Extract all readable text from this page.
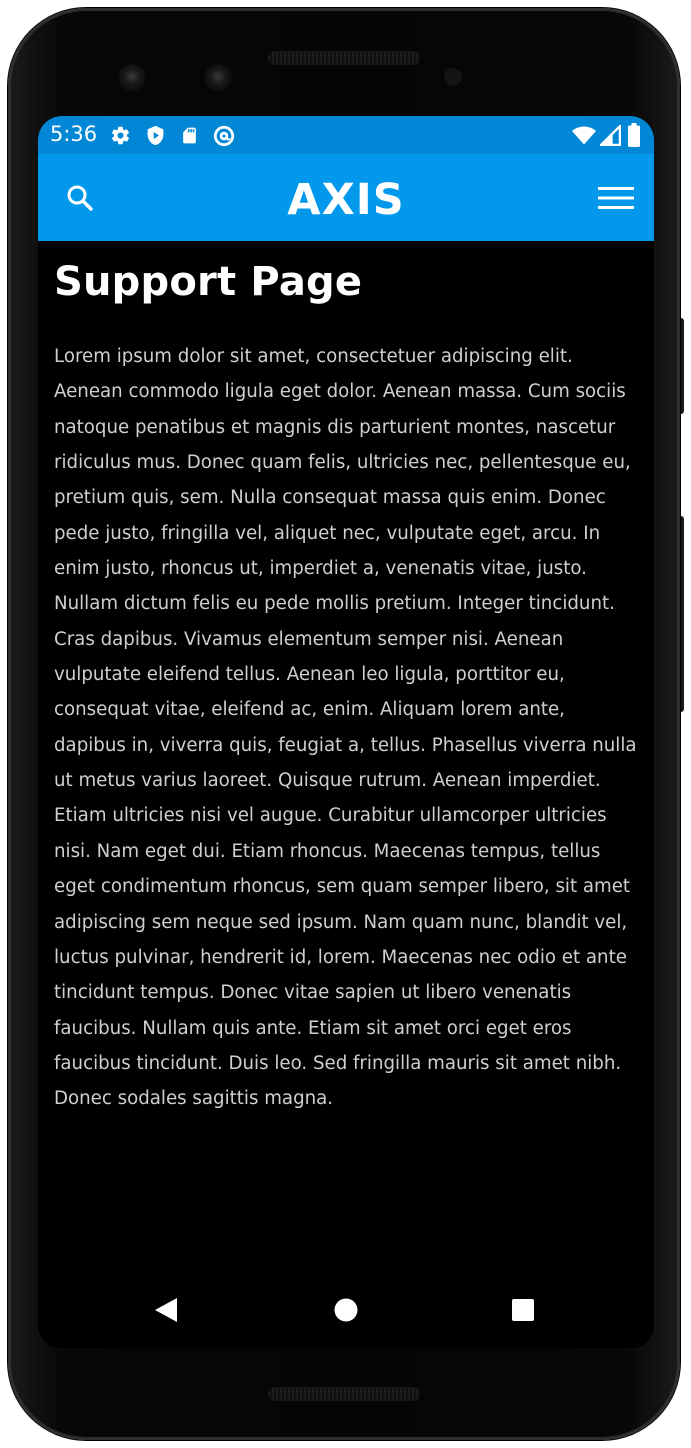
5:36
AXIS
Support Page

Lorem ipsum dolor sit amet, consectetuer adipiscing elit. Aenean commodo ligula eget dolor. Aenean massa. Cum sociis natoque penatibus et magnis dis parturient montes, nascetur ridiculus mus. Donec quam felis, ultricies nec, pellentesque eu, pretium quis, sem. Nulla consequat massa quis enim. Donec pede justo, fringilla vel, aliquet nec, vulputate eget, arcu. In enim justo, rhoncus ut, imperdiet a, venenatis vitae, justo. Nullam dictum felis eu pede mollis pretium. Integer tincidunt. Cras dapibus. Vivamus elementum semper nisi. Aenean vulputate eleifend tellus. Aenean leo ligula, porttitor eu, consequat vitae, eleifend ac, enim. Aliquam lorem ante, dapibus in, viverra quis, feugiat a, tellus. Phasellus viverra nulla ut metus varius laoreet. Quisque rutrum. Aenean imperdiet. Etiam ultricies nisi vel augue. Curabitur ullamcorper ultricies nisi. Nam eget dui. Etiam rhoncus. Maecenas tempus, tellus eget condimentum rhoncus, sem quam semper libero, sit amet adipiscing sem neque sed ipsum. Nam quam nunc, blandit vel, luctus pulvinar, hendrerit id, lorem. Maecenas nec odio et ante tincidunt tempus. Donec vitae sapien ut libero venenatis faucibus. Nullam quis ante. Etiam sit amet orci eget eros faucibus tincidunt. Duis leo. Sed fringilla mauris sit amet nibh. Donec sodales sagittis magna.
